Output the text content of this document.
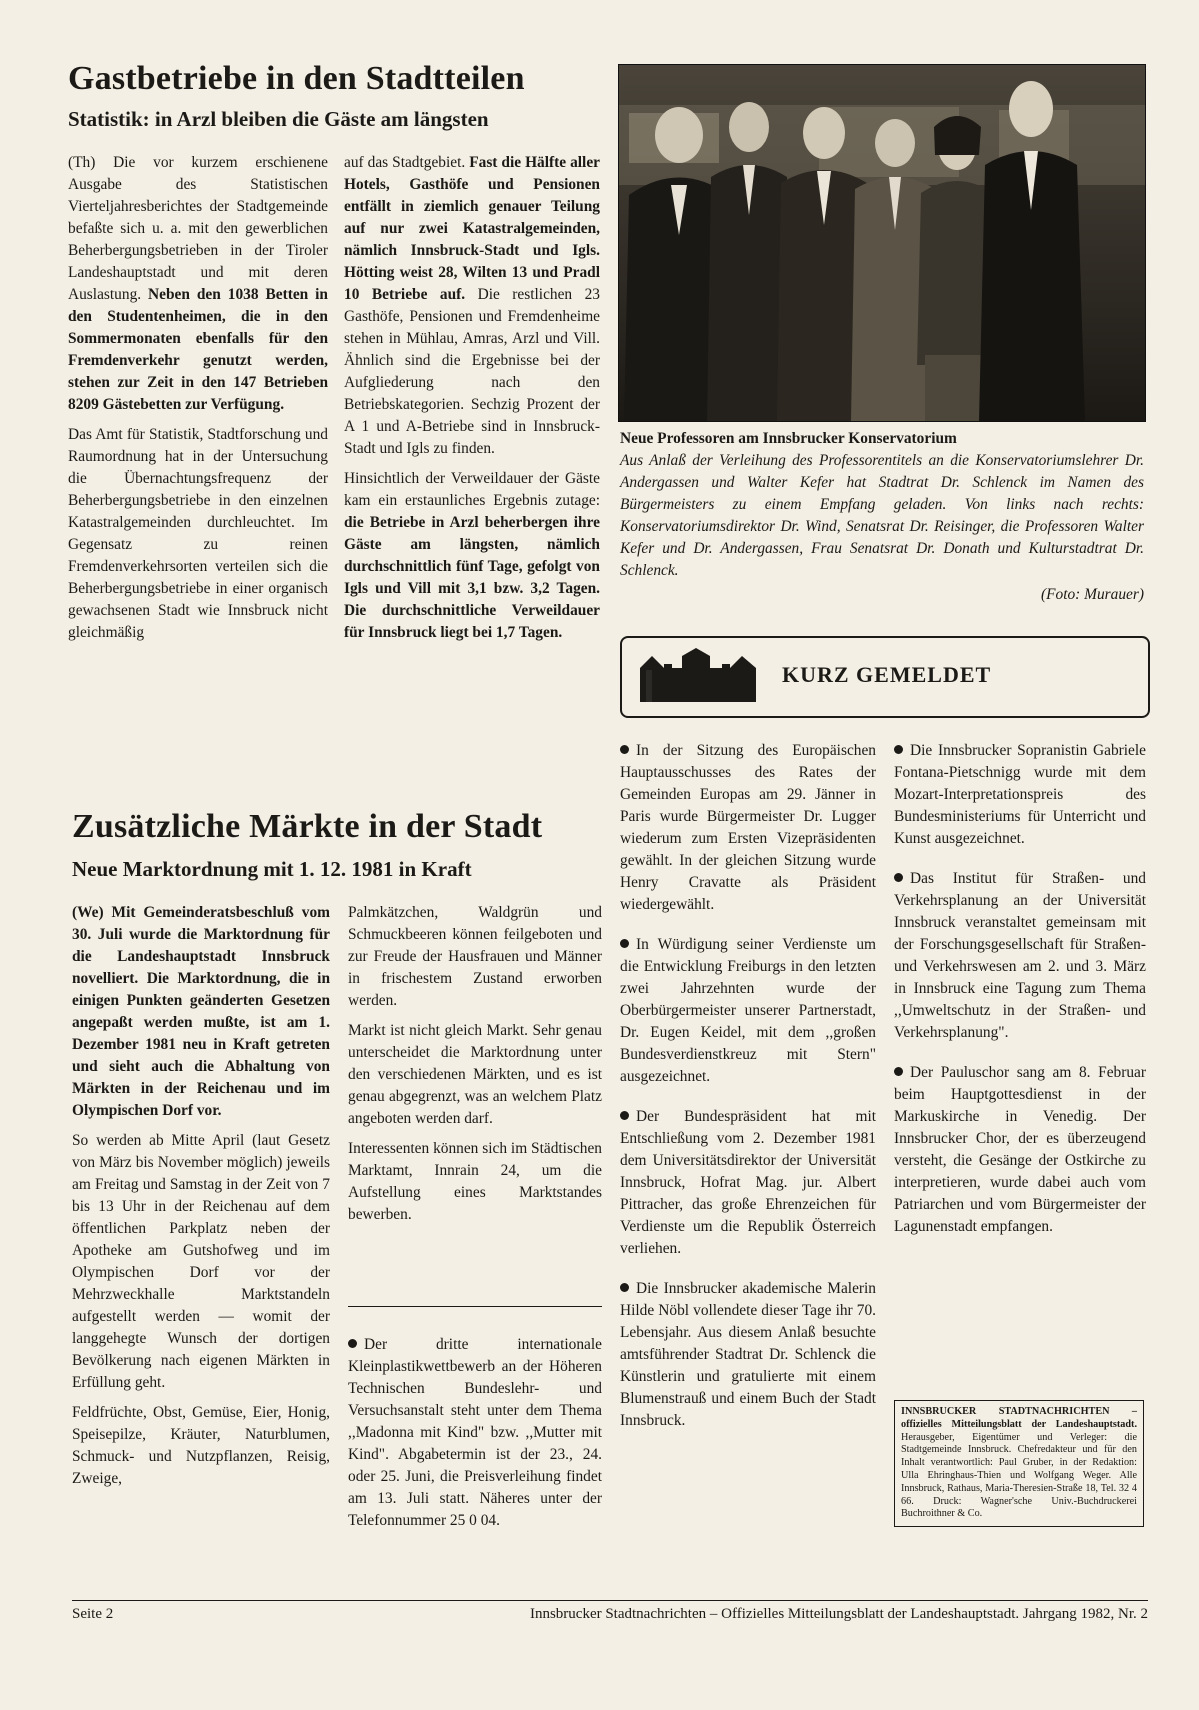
Gastbetriebe in den Stadtteilen
Statistik: in Arzl bleiben die Gäste am längsten

(Th) Die vor kurzem erschienene Ausgabe des Statistischen Vierteljahresberichtes der Stadtgemeinde befaßte sich u. a. mit den gewerblichen Beherbergungsbetrieben in der Tiroler Landeshauptstadt und mit deren Auslastung. Neben den 1038 Betten in den Studentenheimen, die in den Sommermonaten ebenfalls für den Fremdenverkehr genutzt werden, stehen zur Zeit in den 147 Betrieben 8209 Gästebetten zur Verfügung.

Das Amt für Statistik, Stadtforschung und Raumordnung hat in der Untersuchung die Übernachtungsfrequenz der Beherbergungsbetriebe in den einzelnen Katastralgemeinden durchleuchtet. Im Gegensatz zu reinen Fremdenverkehrsorten verteilen sich die Beherbergungsbetriebe in einer organisch gewachsenen Stadt wie Innsbruck nicht gleichmäßig

auf das Stadtgebiet. Fast die Hälfte aller Hotels, Gasthöfe und Pensionen entfällt in ziemlich genauer Teilung auf nur zwei Katastralgemeinden, nämlich Innsbruck-Stadt und Igls. Hötting weist 28, Wilten 13 und Pradl 10 Betriebe auf. Die restlichen 23 Gasthöfe, Pensionen und Fremdenheime stehen in Mühlau, Amras, Arzl und Vill. Ähnlich sind die Ergebnisse bei der Aufgliederung nach den Betriebskategorien. Sechzig Prozent der A 1 und A-Betriebe sind in Innsbruck-Stadt und Igls zu finden.

Hinsichtlich der Verweildauer der Gäste kam ein erstaunliches Ergebnis zutage: die Betriebe in Arzl beherbergen ihre Gäste am längsten, nämlich durchschnittlich fünf Tage, gefolgt von Igls und Vill mit 3,1 bzw. 3,2 Tagen. Die durchschnittliche Verweildauer für Innsbruck liegt bei 1,7 Tagen.

Neue Professoren am Innsbrucker Konservatorium
Aus Anlaß der Verleihung des Professorentitels an die Konservatoriumslehrer Dr. Andergassen und Walter Kefer hat Stadtrat Dr. Schlenck im Namen des Bürgermeisters zu einem Empfang geladen. Von links nach rechts: Konservatoriumsdirektor Dr. Wind, Senatsrat Dr. Reisinger, die Professoren Walter Kefer und Dr. Andergassen, Frau Senatsrat Dr. Donath und Kulturstadtrat Dr. Schlenck.
(Foto: Murauer)
KURZ GEMELDET

In der Sitzung des Europäischen Hauptausschusses des Rates der Gemeinden Europas am 29. Jänner in Paris wurde Bürgermeister Dr. Lugger wiederum zum Ersten Vizepräsidenten gewählt. In der gleichen Sitzung wurde Henry Cravatte als Präsident wiedergewählt.

In Würdigung seiner Verdienste um die Entwicklung Freiburgs in den letzten zwei Jahrzehnten wurde der Oberbürgermeister unserer Partnerstadt, Dr. Eugen Keidel, mit dem ,,großen Bundesverdienstkreuz mit Stern" ausgezeichnet.

Der Bundespräsident hat mit Entschließung vom 2. Dezember 1981 dem Universitätsdirektor der Universität Innsbruck, Hofrat Mag. jur. Albert Pittracher, das große Ehrenzeichen für Verdienste um die Republik Österreich verliehen.

Die Innsbrucker akademische Malerin Hilde Nöbl vollendete dieser Tage ihr 70. Lebensjahr. Aus diesem Anlaß besuchte amtsführender Stadtrat Dr. Schlenck die Künstlerin und gratulierte mit einem Blumenstrauß und einem Buch der Stadt Innsbruck.

Die Innsbrucker Sopranistin Gabriele Fontana-Pietschnigg wurde mit dem Mozart-Interpretationspreis des Bundesministeriums für Unterricht und Kunst ausgezeichnet.

Das Institut für Straßen- und Verkehrsplanung an der Universität Innsbruck veranstaltet gemeinsam mit der Forschungsgesellschaft für Straßen- und Verkehrswesen am 2. und 3. März in Innsbruck eine Tagung zum Thema ,,Umweltschutz in der Straßen- und Verkehrsplanung".

Der Pauluschor sang am 8. Februar beim Hauptgottesdienst in der Markuskirche in Venedig. Der Innsbrucker Chor, der es überzeugend versteht, die Gesänge der Ostkirche zu interpretieren, wurde dabei auch vom Patriarchen und vom Bürgermeister der Lagunenstadt empfangen.

INNSBRUCKER STADTNACHRICHTEN – offizielles Mitteilungsblatt der Landeshauptstadt. Herausgeber, Eigentümer und Verleger: die Stadtgemeinde Innsbruck. Chefredakteur und für den Inhalt verantwortlich: Paul Gruber, in der Redaktion: Ulla Ehringhaus-Thien und Wolfgang Weger. Alle Innsbruck, Rathaus, Maria-Theresien-Straße 18, Tel. 32 4 66. Druck: Wagner'sche Univ.-Buchdruckerei Buchroithner & Co.
Zusätzliche Märkte in der Stadt
Neue Marktordnung mit 1. 12. 1981 in Kraft

(We) Mit Gemeinderatsbeschluß vom 30. Juli wurde die Marktordnung für die Landeshauptstadt Innsbruck novelliert. Die Marktordnung, die in einigen Punkten geänderten Gesetzen angepaßt werden mußte, ist am 1. Dezember 1981 neu in Kraft getreten und sieht auch die Abhaltung von Märkten in der Reichenau und im Olympischen Dorf vor.

So werden ab Mitte April (laut Gesetz von März bis November möglich) jeweils am Freitag und Samstag in der Zeit von 7 bis 13 Uhr in der Reichenau auf dem öffentlichen Parkplatz neben der Apotheke am Gutshofweg und im Olympischen Dorf vor der Mehrzweckhalle Marktstandeln aufgestellt werden — womit der langgehegte Wunsch der dortigen Bevölkerung nach eigenen Märkten in Erfüllung geht.

Feldfrüchte, Obst, Gemüse, Eier, Honig, Speisepilze, Kräuter, Naturblumen, Schmuck- und Nutzpflanzen, Reisig, Zweige,

Palmkätzchen, Waldgrün und Schmuckbeeren können feilgeboten und zur Freude der Hausfrauen und Männer in frischestem Zustand erworben werden.

Markt ist nicht gleich Markt. Sehr genau unterscheidet die Marktordnung unter den verschiedenen Märkten, und es ist genau abgegrenzt, was an welchem Platz angeboten werden darf.

Interessenten können sich im Städtischen Marktamt, Innrain 24, um die Aufstellung eines Marktstandes bewerben.

Der dritte internationale Kleinplastikwettbewerb an der Höheren Technischen Bundeslehr- und Versuchsanstalt steht unter dem Thema ,,Madonna mit Kind" bzw. ,,Mutter mit Kind". Abgabetermin ist der 23., 24. oder 25. Juni, die Preisverleihung findet am 13. Juli statt. Näheres unter der Telefonnummer 25 0 04.

Seite 2	Innsbrucker Stadtnachrichten – Offizielles Mitteilungsblatt der Landeshauptstadt. Jahrgang 1982, Nr. 2
